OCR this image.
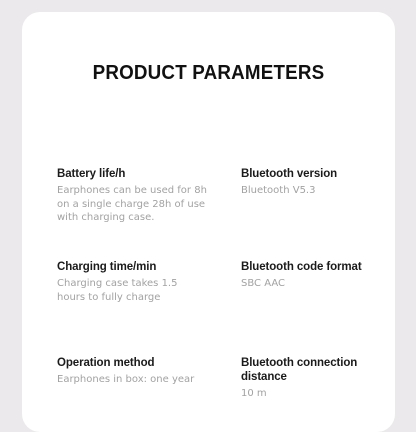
PRODUCT PARAMETERS
Battery life/h
Earphones can be used for 8h on a single charge 28h of use with charging case.
Bluetooth version
Bluetooth V5.3
Charging time/min
Charging case takes 1.5 hours to fully charge
Bluetooth code format
SBC AAC
Operation method
Earphones in box: one year
Bluetooth connection distance
10 m
